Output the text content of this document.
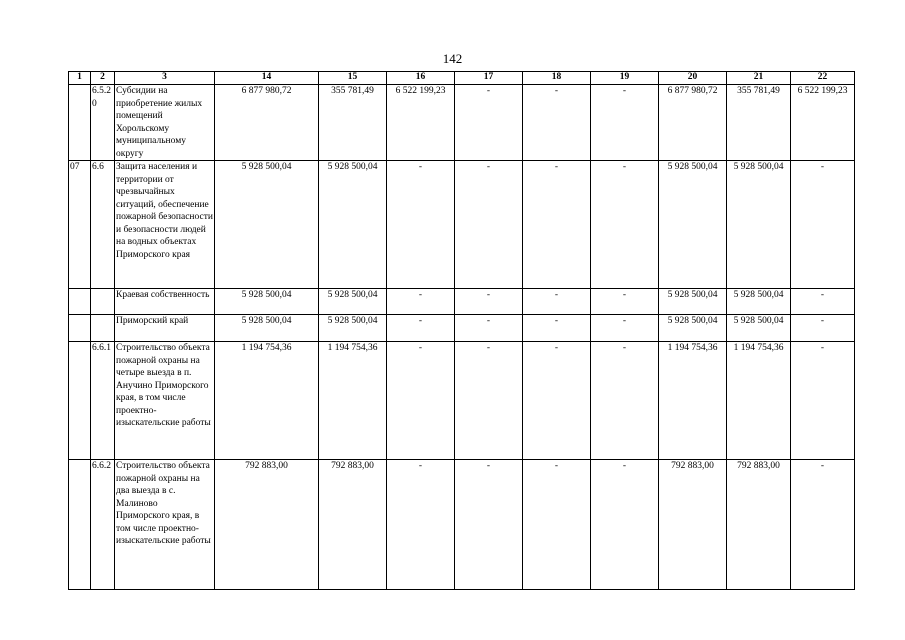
142
1	2	3	14	15	16	17	18	19	20	21	22
	6.5.20	Субсидии на приобретение жилых помещений Хорольскому муниципальному округу	6 877 980,72	355 781,49	6 522 199,23	-	-	-	6 877 980,72	355 781,49	6 522 199,23
07	6.6	Защита населения и территории от чрезвычайных ситуаций, обеспечение пожарной безопасности и безопасности людей на водных объектах Приморского края	5 928 500,04	5 928 500,04	-	-	-	-	5 928 500,04	5 928 500,04	-
		Краевая собственность	5 928 500,04	5 928 500,04	-	-	-	-	5 928 500,04	5 928 500,04	-
		Приморский край	5 928 500,04	5 928 500,04	-	-	-	-	5 928 500,04	5 928 500,04	-
	6.6.1	Строительство объекта пожарной охраны на четыре выезда в п. Анучино Приморского края, в том числе проектно-изыскательские работы	1 194 754,36	1 194 754,36	-	-	-	-	1 194 754,36	1 194 754,36	-
	6.6.2	Строительство объекта пожарной охраны на два выезда в с. Малиново Приморского края, в том числе проектно-изыскательские работы	792 883,00	792 883,00	-	-	-	-	792 883,00	792 883,00	-
